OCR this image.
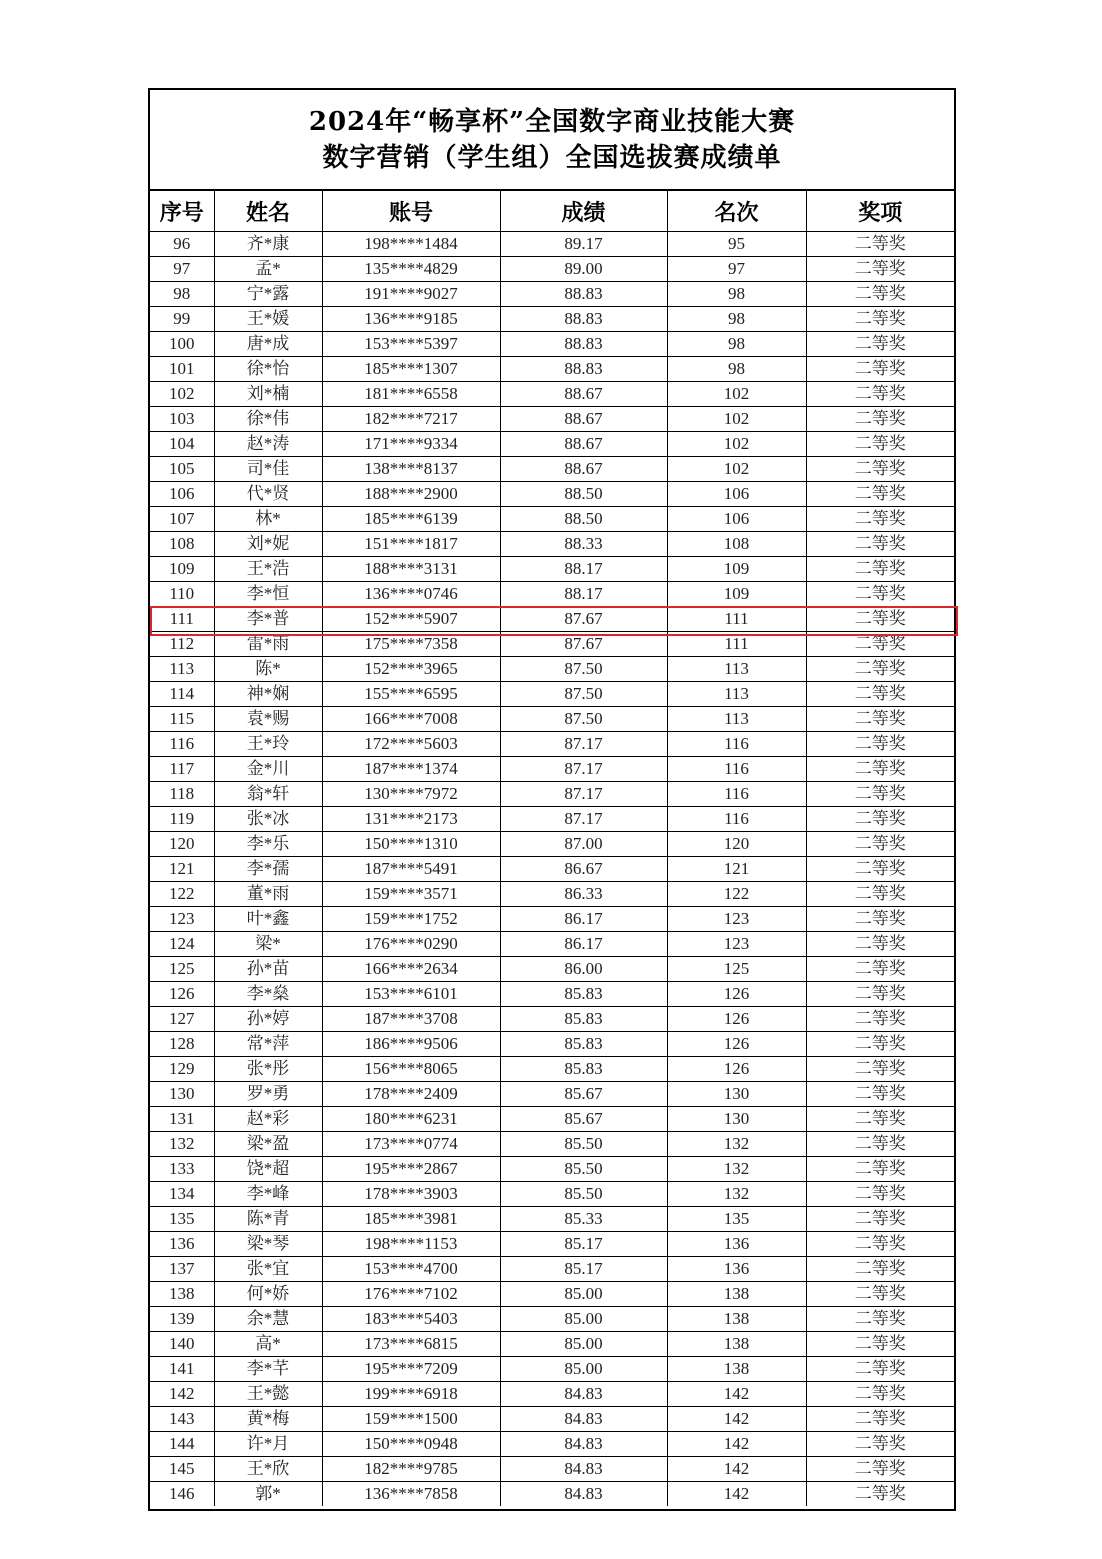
2024年“畅享杯”全国数字商业技能大赛
数字营销（学生组）全国选拔赛成绩单
序号	姓名	账号	成绩	名次	奖项
96	齐*康	198****1484	89.17	95	二等奖
97	孟*	135****4829	89.00	97	二等奖
98	宁*露	191****9027	88.83	98	二等奖
99	王*媛	136****9185	88.83	98	二等奖
100	唐*成	153****5397	88.83	98	二等奖
101	徐*怡	185****1307	88.83	98	二等奖
102	刘*楠	181****6558	88.67	102	二等奖
103	徐*伟	182****7217	88.67	102	二等奖
104	赵*涛	171****9334	88.67	102	二等奖
105	司*佳	138****8137	88.67	102	二等奖
106	代*贤	188****2900	88.50	106	二等奖
107	林*	185****6139	88.50	106	二等奖
108	刘*妮	151****1817	88.33	108	二等奖
109	王*浩	188****3131	88.17	109	二等奖
110	李*恒	136****0746	88.17	109	二等奖
111	李*普	152****5907	87.67	111	二等奖
112	雷*雨	175****7358	87.67	111	二等奖
113	陈*	152****3965	87.50	113	二等奖
114	神*娴	155****6595	87.50	113	二等奖
115	袁*赐	166****7008	87.50	113	二等奖
116	王*玲	172****5603	87.17	116	二等奖
117	金*川	187****1374	87.17	116	二等奖
118	翁*轩	130****7972	87.17	116	二等奖
119	张*冰	131****2173	87.17	116	二等奖
120	李*乐	150****1310	87.00	120	二等奖
121	李*孺	187****5491	86.67	121	二等奖
122	董*雨	159****3571	86.33	122	二等奖
123	叶*鑫	159****1752	86.17	123	二等奖
124	梁*	176****0290	86.17	123	二等奖
125	孙*苗	166****2634	86.00	125	二等奖
126	李*燊	153****6101	85.83	126	二等奖
127	孙*婷	187****3708	85.83	126	二等奖
128	常*萍	186****9506	85.83	126	二等奖
129	张*彤	156****8065	85.83	126	二等奖
130	罗*勇	178****2409	85.67	130	二等奖
131	赵*彩	180****6231	85.67	130	二等奖
132	梁*盈	173****0774	85.50	132	二等奖
133	饶*超	195****2867	85.50	132	二等奖
134	李*峰	178****3903	85.50	132	二等奖
135	陈*青	185****3981	85.33	135	二等奖
136	梁*琴	198****1153	85.17	136	二等奖
137	张*宜	153****4700	85.17	136	二等奖
138	何*娇	176****7102	85.00	138	二等奖
139	余*慧	183****5403	85.00	138	二等奖
140	高*	173****6815	85.00	138	二等奖
141	李*芊	195****7209	85.00	138	二等奖
142	王*懿	199****6918	84.83	142	二等奖
143	黄*梅	159****1500	84.83	142	二等奖
144	许*月	150****0948	84.83	142	二等奖
145	王*欣	182****9785	84.83	142	二等奖
146	郭*	136****7858	84.83	142	二等奖
